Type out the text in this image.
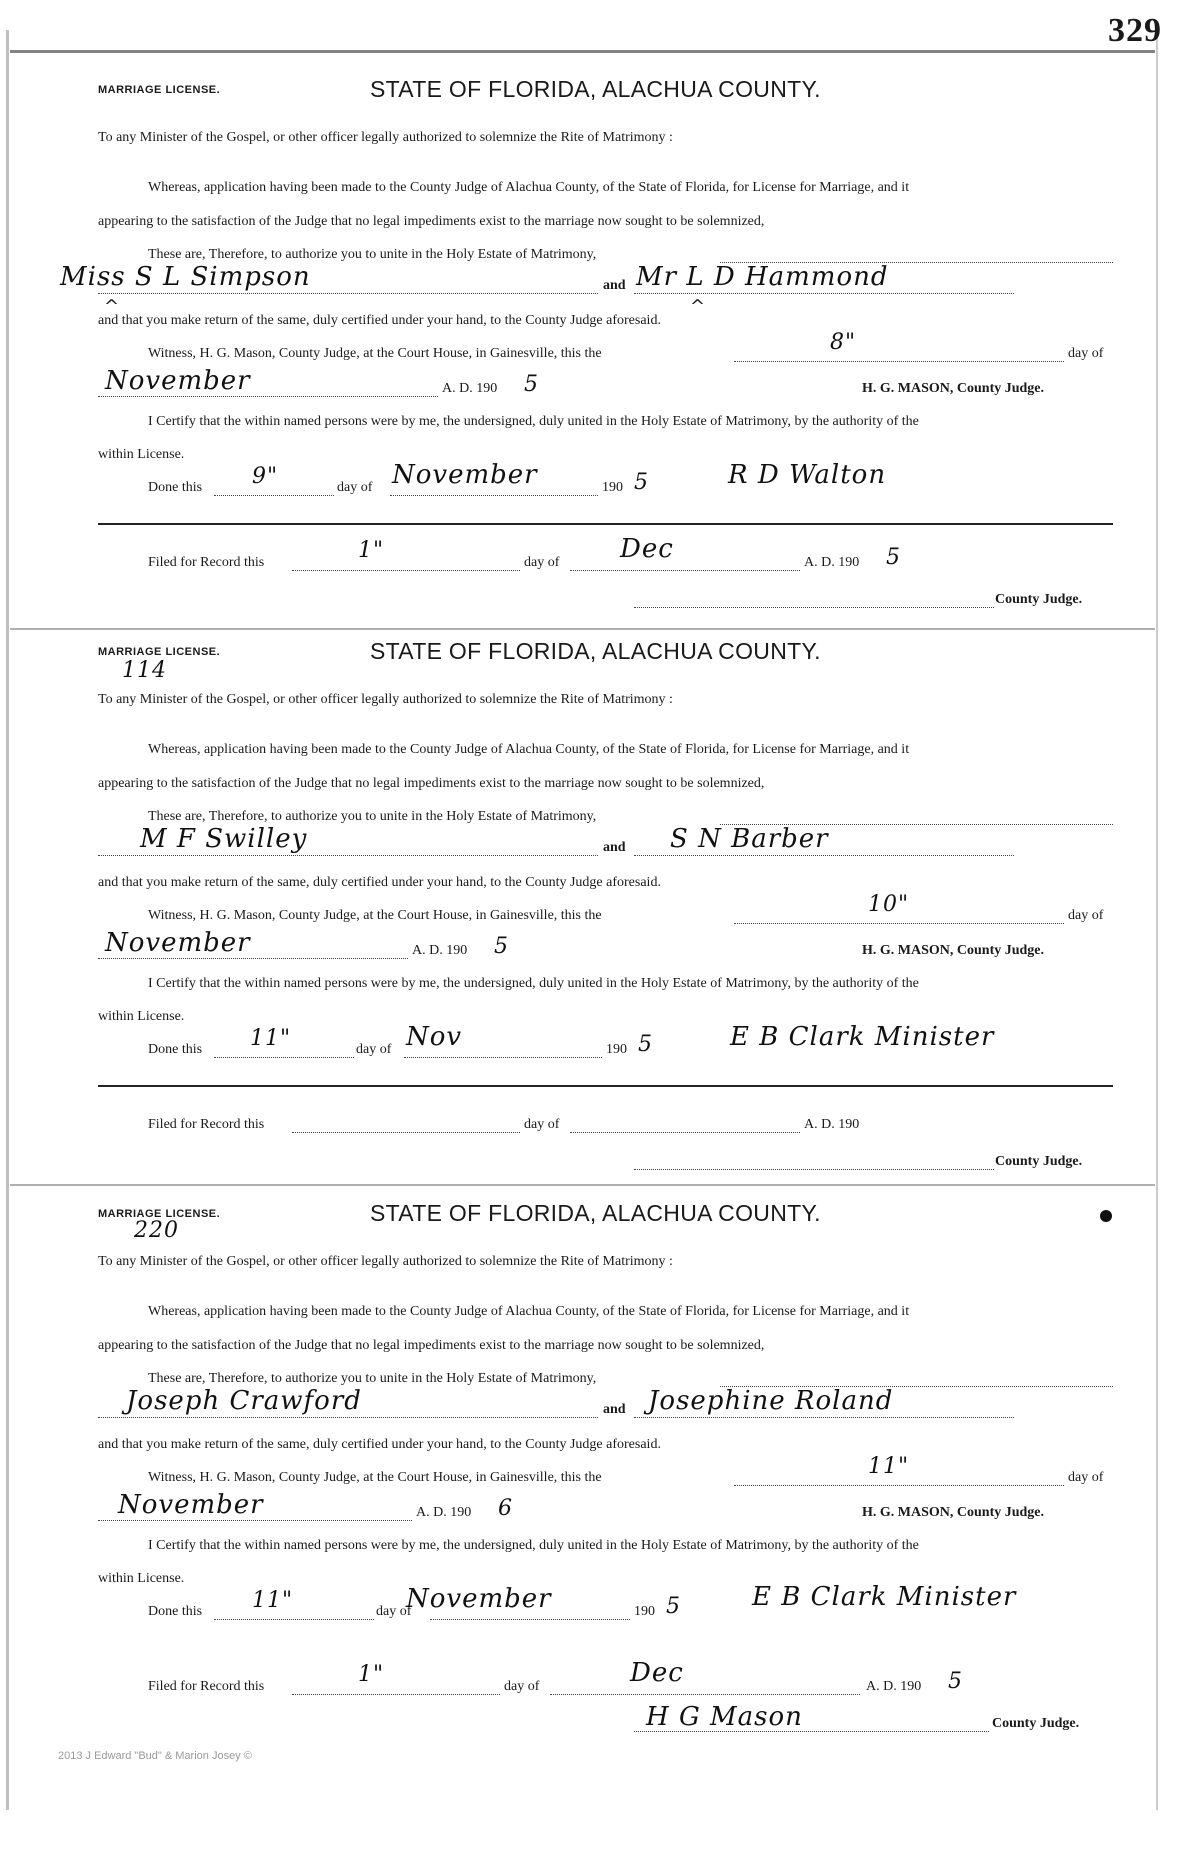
329
MARRIAGE LICENSE.	STATE OF FLORIDA, ALACHUA COUNTY.
To any Minister of the Gospel, or other officer legally authorized to solemnize the Rite of Matrimony :
Whereas, application having been made to the County Judge of Alachua County, of the State of Florida, for License for Marriage, and it
appearing to the satisfaction of the Judge that no legal impediments exist to the marriage now sought to be solemnized,
These are, Therefore, to authorize you to unite in the Holy Estate of Matrimony,
Miss S L Simpson	and Mr L D Hammond
^	^
and that you make return of the same, duly certified under your hand, to the County Judge aforesaid.
Witness, H. G. Mason, County Judge, at the Court House, in Gainesville, this the	8"	day of
November	A. D. 190 5	H. G. MASON, County Judge.
I Certify that the within named persons were by me, the undersigned, duly united in the Holy Estate of Matrimony, by the authority of the
within License.
Done this 9"	day of November	190 5	R D Walton
Filed for Record this	1"	day of Dec	A. D. 190 5
County Judge.
MARRIAGE LICENSE.
114
STATE OF FLORIDA, ALACHUA COUNTY.
To any Minister of the Gospel, or other officer legally authorized to solemnize the Rite of Matrimony :
Whereas, application having been made to the County Judge of Alachua County, of the State of Florida, for License for Marriage, and it
appearing to the satisfaction of the Judge that no legal impediments exist to the marriage now sought to be solemnized,
These are, Therefore, to authorize you to unite in the Holy Estate of Matrimony,
M F Swilley	and S N Barber
and that you make return of the same, duly certified under your hand, to the County Judge aforesaid.
Witness, H. G. Mason, County Judge, at the Court House, in Gainesville, this the	10"	day of
November	A. D. 190 5	H. G. MASON, County Judge.
I Certify that the within named persons were by me, the undersigned, duly united in the Holy Estate of Matrimony, by the authority of the
within License.
Done this 11"	day of Nov	190 5	E B Clark Minister
Filed for Record this	day of	A. D. 190
County Judge.
MARRIAGE LICENSE.
220
STATE OF FLORIDA, ALACHUA COUNTY.
To any Minister of the Gospel, or other officer legally authorized to solemnize the Rite of Matrimony :
Whereas, application having been made to the County Judge of Alachua County, of the State of Florida, for License for Marriage, and it
appearing to the satisfaction of the Judge that no legal impediments exist to the marriage now sought to be solemnized,
These are, Therefore, to authorize you to unite in the Holy Estate of Matrimony,
Joseph Crawford	and Josephine Roland
and that you make return of the same, duly certified under your hand, to the County Judge aforesaid.
Witness, H. G. Mason, County Judge, at the Court House, in Gainesville, this the	11"	day of
November	A. D. 190 6	H. G. MASON, County Judge.
I Certify that the within named persons were by me, the undersigned, duly united in the Holy Estate of Matrimony, by the authority of the
within License.
Done this 11"	day of
November	190 5	E B Clark Minister
Filed for Record this	1"	day of	Dec	A. D. 190 5
H G Mason	County Judge.
2013 J Edward "Bud" & Marion Josey ©
